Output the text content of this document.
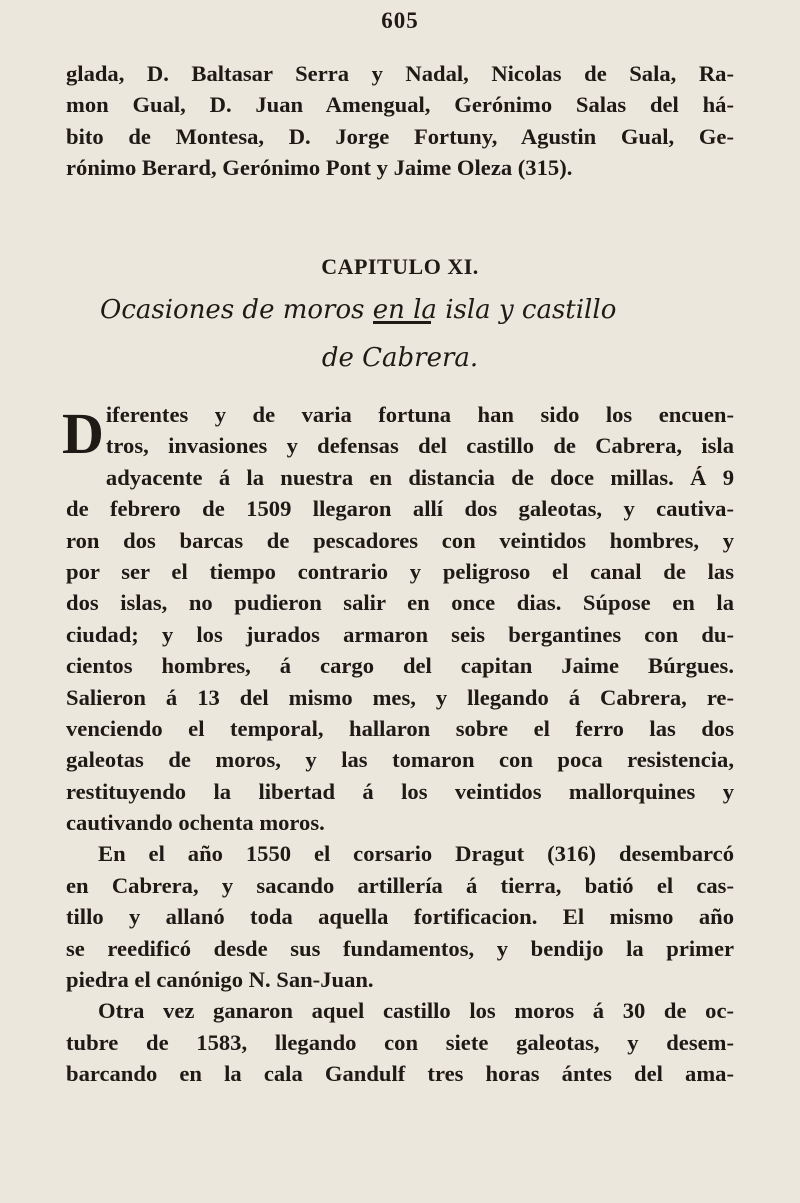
605
glada, D. Baltasar Serra y Nadal, Nicolas de Sala, Ra-
mon Gual, D. Juan Amengual, Gerónimo Salas del há-
bito de Montesa, D. Jorge Fortuny, Agustin Gual, Ge-
rónimo Berard, Gerónimo Pont y Jaime Oleza (315).
CAPITULO XI.
Ocasiones de moros en la isla y castillo
de Cabrera.
D iferentes y de varia fortuna han sido los encuen-
tros, invasiones y defensas del castillo de Cabrera, isla
adyacente á la nuestra en distancia de doce millas. Á 9
de febrero de 1509 llegaron allí dos galeotas, y cautiva-
ron dos barcas de pescadores con veintidos hombres, y
por ser el tiempo contrario y peligroso el canal de las
dos islas, no pudieron salir en once dias. Súpose en la
ciudad; y los jurados armaron seis bergantines con du-
cientos hombres, á cargo del capitan Jaime Búrgues.
Salieron á 13 del mismo mes, y llegando á Cabrera, re-
venciendo el temporal, hallaron sobre el ferro las dos
galeotas de moros, y las tomaron con poca resistencia,
restituyendo la libertad á los veintidos mallorquines y
cautivando ochenta moros.
En el año 1550 el corsario Dragut (316) desembarcó
en Cabrera, y sacando artillería á tierra, batió el cas-
tillo y allanó toda aquella fortificacion. El mismo año
se reedificó desde sus fundamentos, y bendijo la primer
piedra el canónigo N. San-Juan.
Otra vez ganaron aquel castillo los moros á 30 de oc-
tubre de 1583, llegando con siete galeotas, y desem-
barcando en la cala Gandulf tres horas ántes del ama-
